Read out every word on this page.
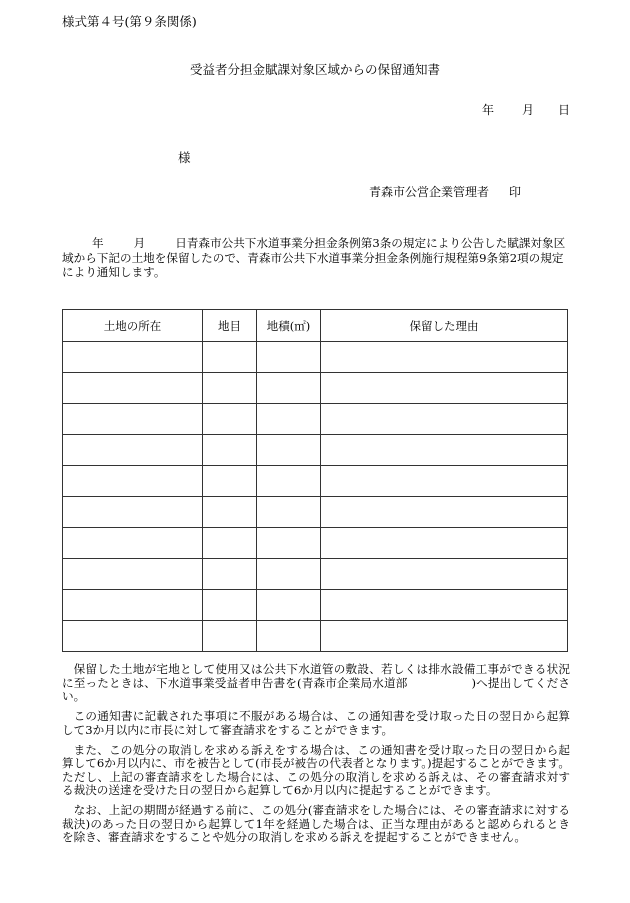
様式第４号(第９条関係)
受益者分担金賦課対象区域からの保留通知書
年 月 日
様
青森市公営企業管理者 印
年	月	日青森市公共下水道事業分担金条例第3条の規定により公告した賦課対象区域から下記の土地を保留したので、青森市公共下水道事業分担金条例施行規程第9条第2項の規定により通知します。
土地の所在	地目	地積(㎡)	保留した理由

保留した土地が宅地として使用又は公共下水道管の敷設、若しくは排水設備工事ができる状況に至ったときは、下水道事業受益者申告書を(青森市企業局水道部	)へ提出してください。

この通知書に記載された事項に不服がある場合は、この通知書を受け取った日の翌日から起算して3か月以内に市長に対して審査請求をすることができます。

また、この処分の取消しを求める訴えをする場合は、この通知書を受け取った日の翌日から起算して6か月以内に、市を被告として(市長が被告の代表者となります。)提起することができます。ただし、上記の審査請求をした場合には、この処分の取消しを求める訴えは、その審査請求対する裁決の送達を受けた日の翌日から起算して6か月以内に提起することができます。

なお、上記の期間が経過する前に、この処分(審査請求をした場合には、その審査請求に対する裁決)のあった日の翌日から起算して1年を経過した場合は、正当な理由があると認められるときを除き、審査請求をすることや処分の取消しを求める訴えを提起することができません。
